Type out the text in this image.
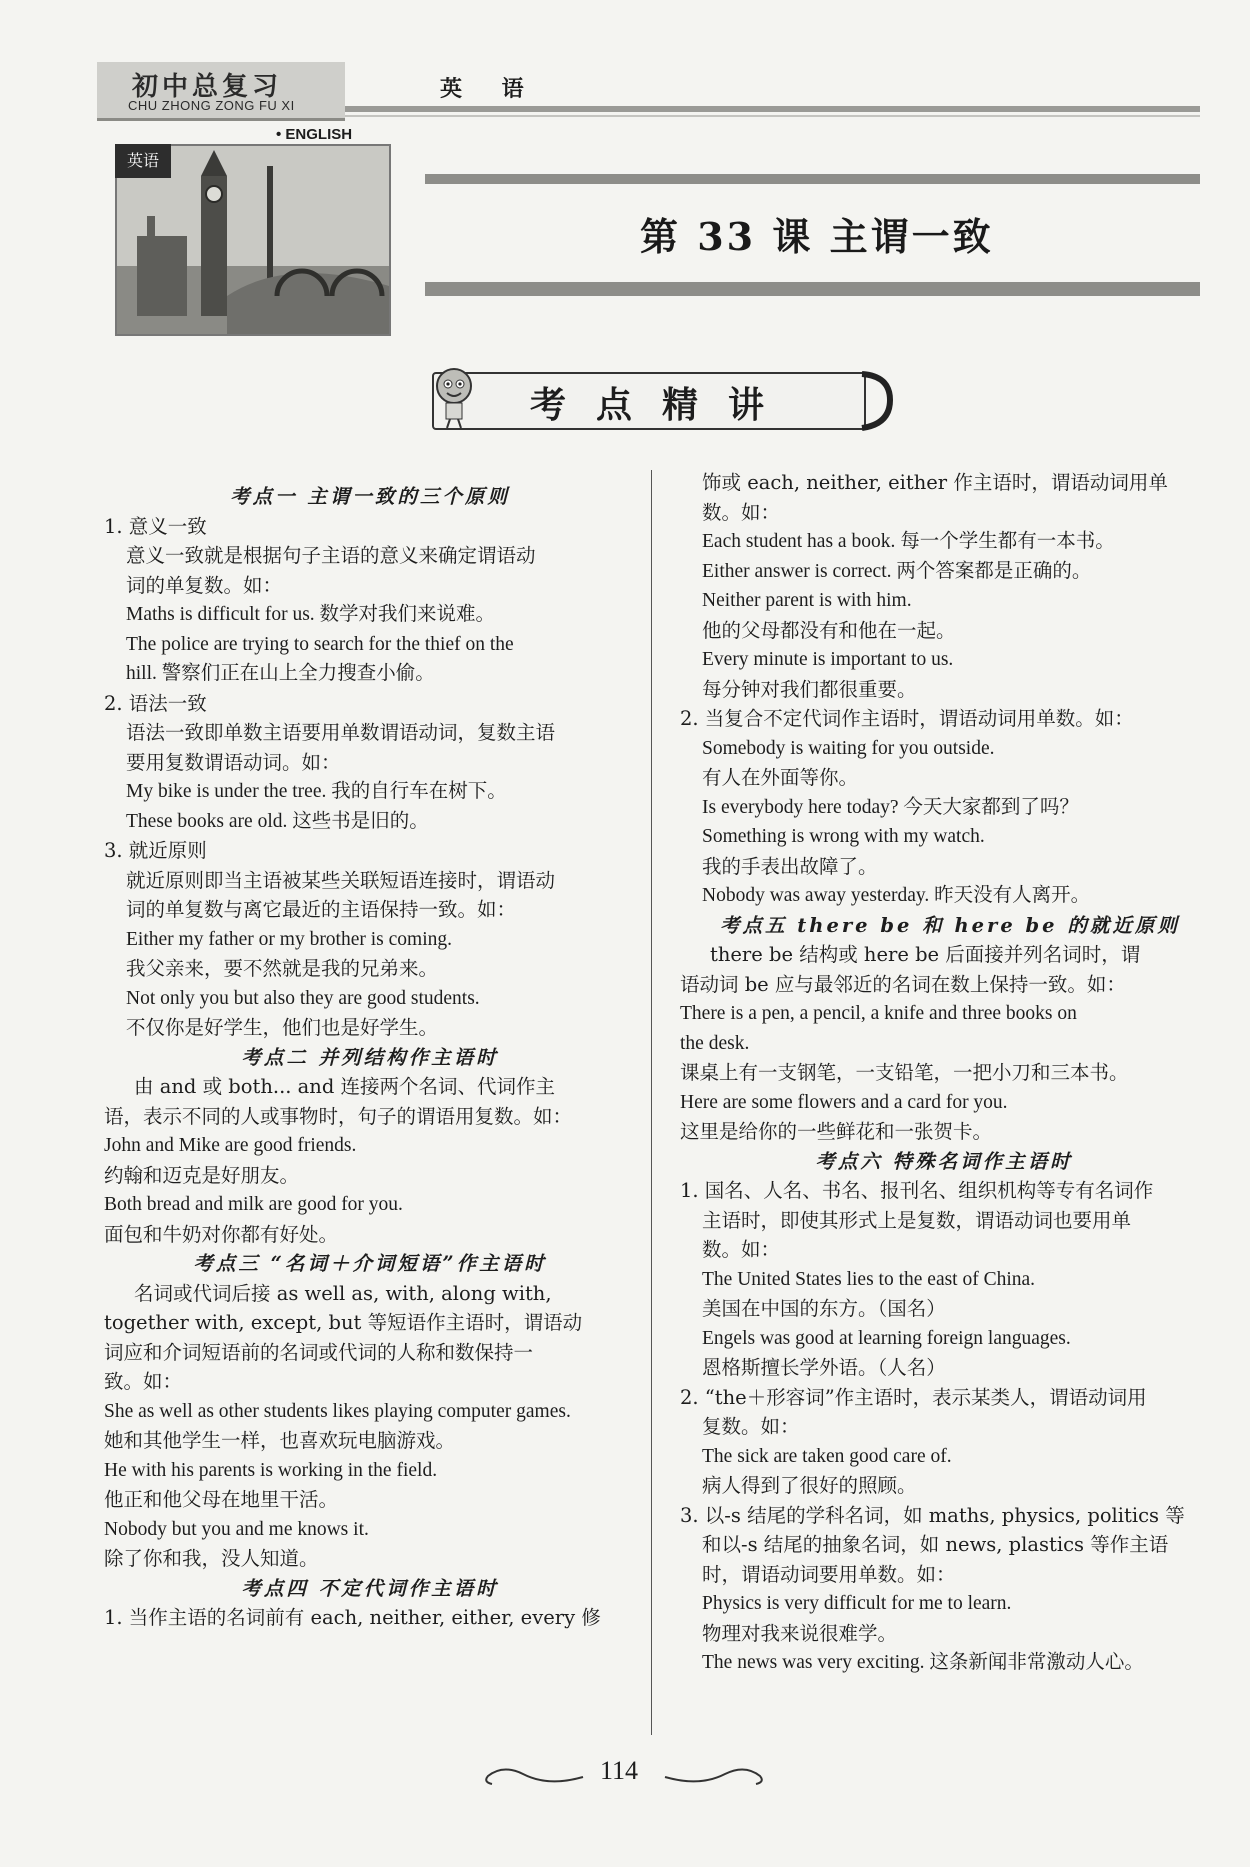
初中总复习
CHU ZHONG ZONG FU XI
英 语
• ENGLISH
英语
第 33 课 主谓一致
考点精讲
考点一 主谓一致的三个原则
1. 意义一致
意义一致就是根据句子主语的意义来确定谓语动
词的单复数。如：
Maths is difficult for us. 数学对我们来说难。
The police are trying to search for the thief on the
hill. 警察们正在山上全力搜查小偷。
2. 语法一致
语法一致即单数主语要用单数谓语动词，复数主语
要用复数谓语动词。如：
My bike is under the tree. 我的自行车在树下。
These books are old. 这些书是旧的。
3. 就近原则
就近原则即当主语被某些关联短语连接时，谓语动
词的单复数与离它最近的主语保持一致。如：
Either my father or my brother is coming.
我父亲来，要不然就是我的兄弟来。
Not only you but also they are good students.
不仅你是好学生，他们也是好学生。
考点二 并列结构作主语时
由 and 或 both... and 连接两个名词、代词作主
语，表示不同的人或事物时，句子的谓语用复数。如：
John and Mike are good friends.
约翰和迈克是好朋友。
Both bread and milk are good for you.
面包和牛奶对你都有好处。
考点三 “名词＋介词短语”作主语时
名词或代词后接 as well as, with, along with,
together with, except, but 等短语作主语时，谓语动
词应和介词短语前的名词或代词的人称和数保持一
致。如：
She as well as other students likes playing computer games.
她和其他学生一样，也喜欢玩电脑游戏。
He with his parents is working in the field.
他正和他父母在地里干活。
Nobody but you and me knows it.
除了你和我，没人知道。
考点四 不定代词作主语时
1. 当作主语的名词前有 each, neither, either, every 修
饰或 each, neither, either 作主语时，谓语动词用单
数。如：
Each student has a book. 每一个学生都有一本书。
Either answer is correct. 两个答案都是正确的。
Neither parent is with him.
他的父母都没有和他在一起。
Every minute is important to us.
每分钟对我们都很重要。
2. 当复合不定代词作主语时，谓语动词用单数。如：
Somebody is waiting for you outside.
有人在外面等你。
Is everybody here today? 今天大家都到了吗？
Something is wrong with my watch.
我的手表出故障了。
Nobody was away yesterday. 昨天没有人离开。
考点五 there be 和 here be 的就近原则
there be 结构或 here be 后面接并列名词时，谓
语动词 be 应与最邻近的名词在数上保持一致。如：
There is a pen, a pencil, a knife and three books on
the desk.
课桌上有一支钢笔，一支铅笔，一把小刀和三本书。
Here are some flowers and a card for you.
这里是给你的一些鲜花和一张贺卡。
考点六 特殊名词作主语时
1. 国名、人名、书名、报刊名、组织机构等专有名词作
主语时，即使其形式上是复数，谓语动词也要用单
数。如：
The United States lies to the east of China.
美国在中国的东方。（国名）
Engels was good at learning foreign languages.
恩格斯擅长学外语。（人名）
2. “the＋形容词”作主语时，表示某类人，谓语动词用
复数。如：
The sick are taken good care of.
病人得到了很好的照顾。
3. 以-s 结尾的学科名词，如 maths, physics, politics 等
和以-s 结尾的抽象名词，如 news, plastics 等作主语
时，谓语动词要用单数。如：
Physics is very difficult for me to learn.
物理对我来说很难学。
The news was very exciting. 这条新闻非常激动人心。
114
